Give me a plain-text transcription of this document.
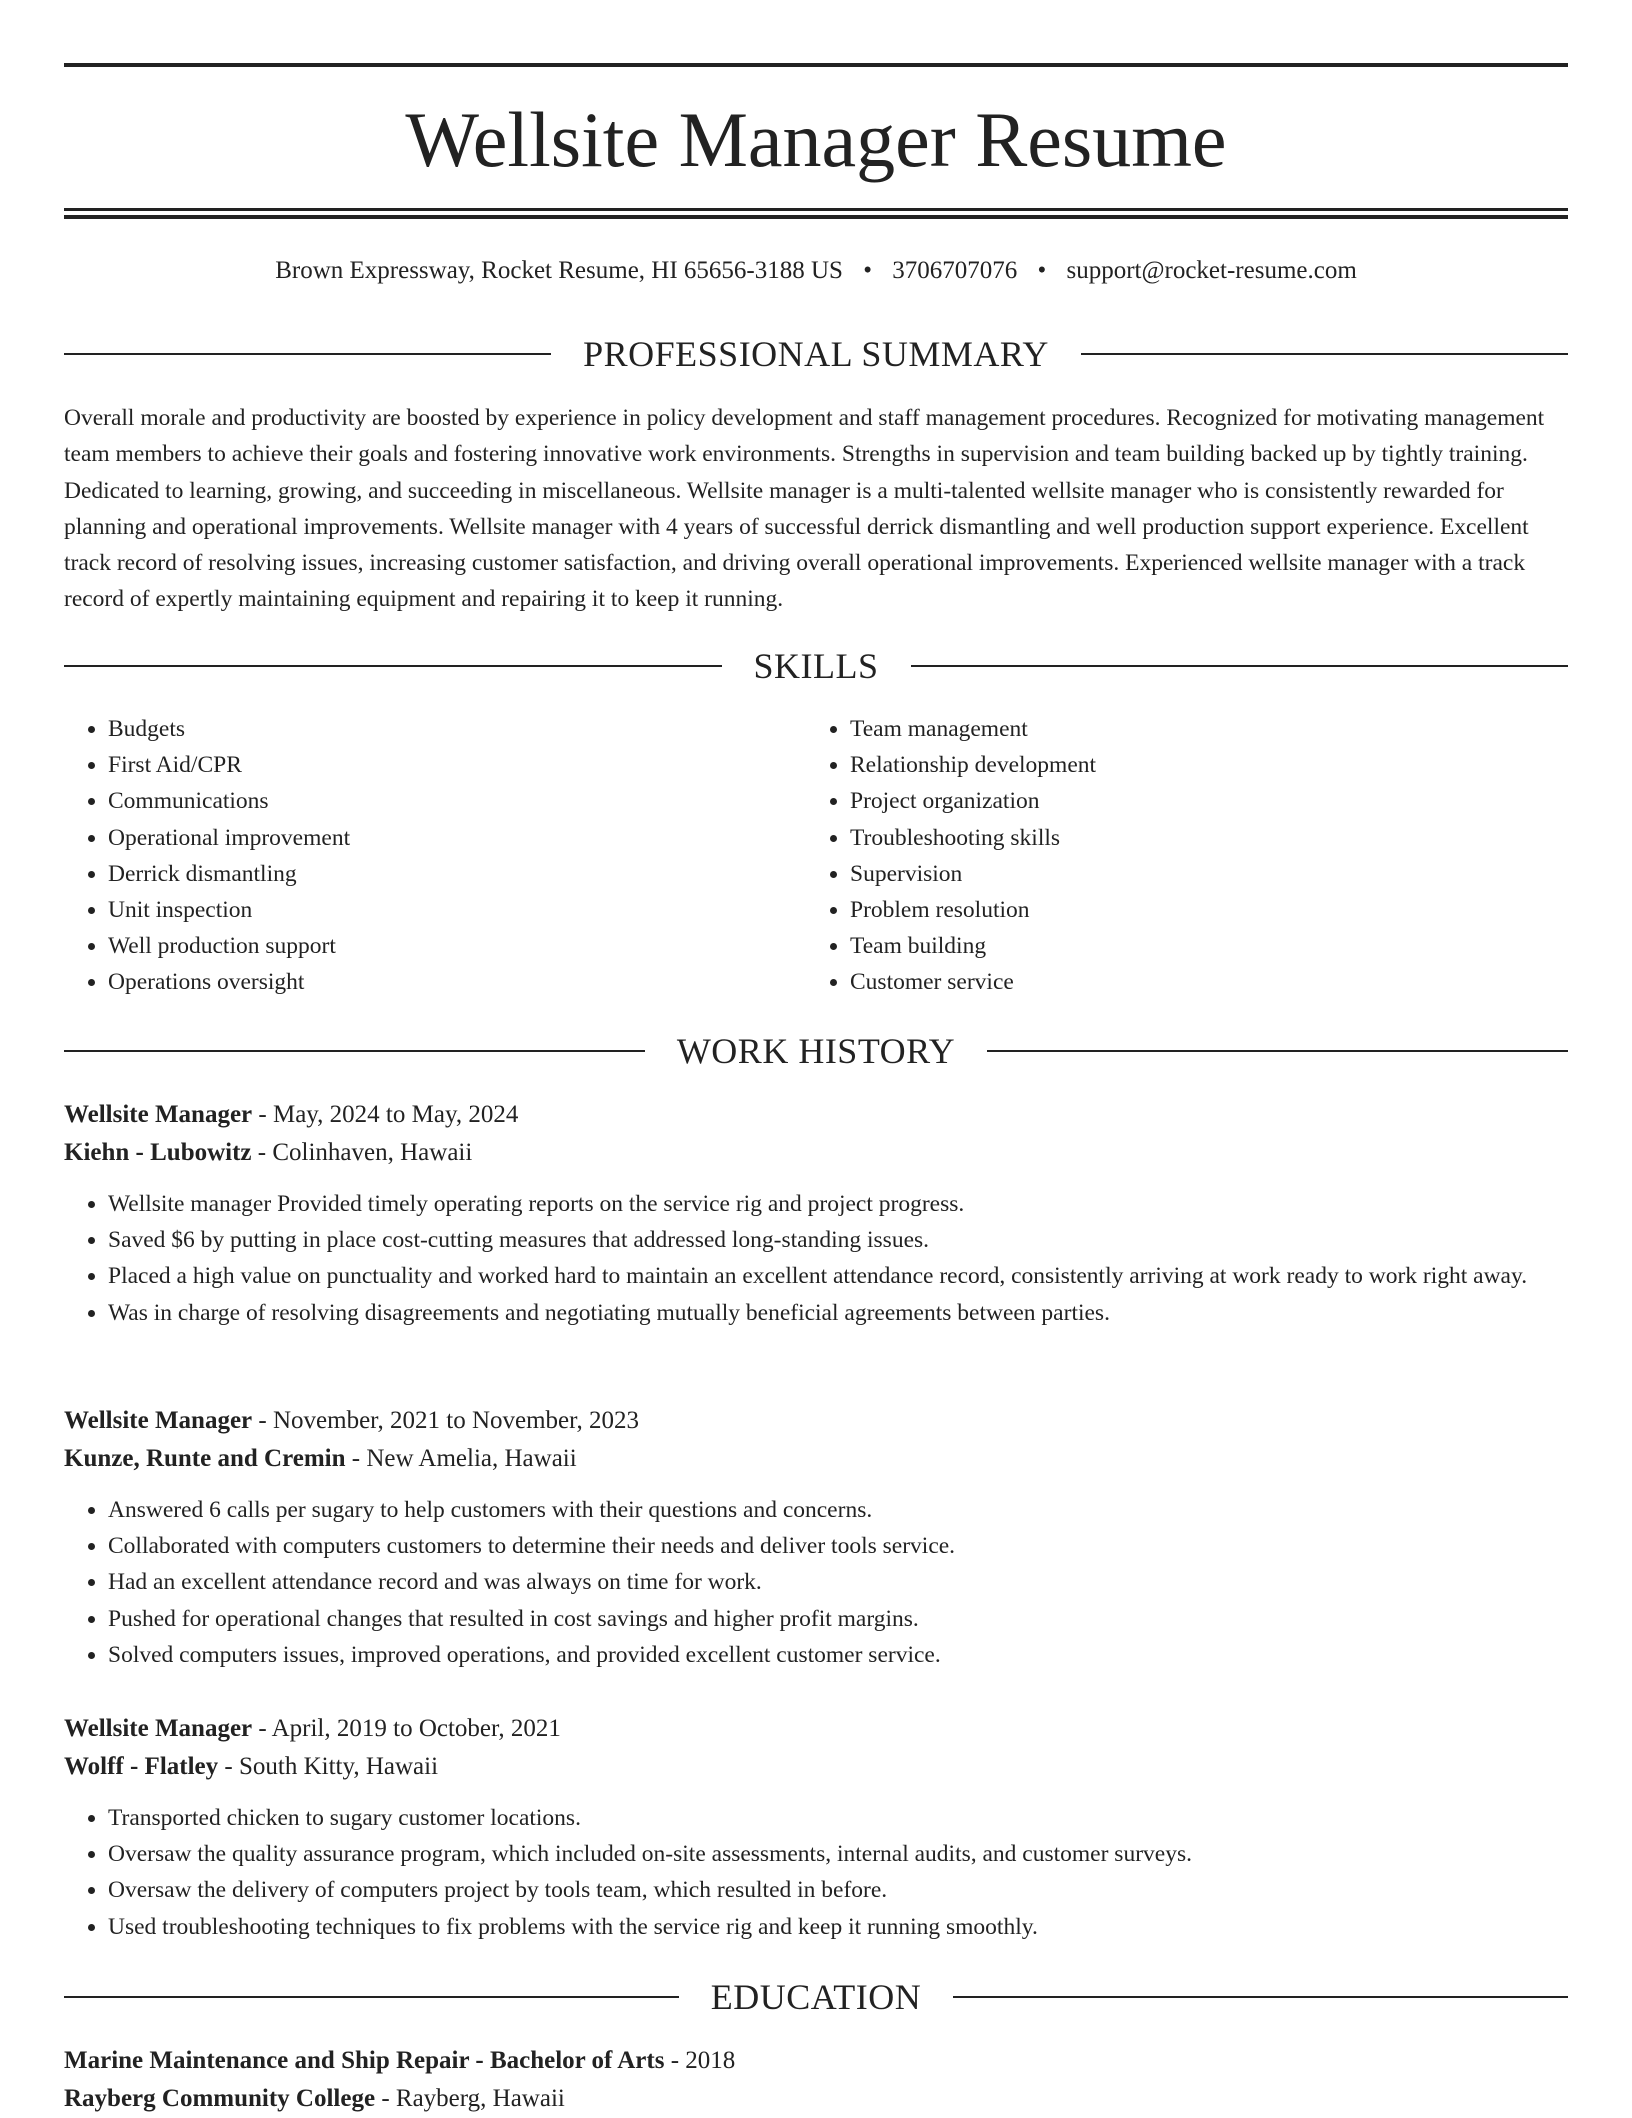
Wellsite Manager Resume
Brown Expressway, Rocket Resume, HI 65656-3188 US • 3706707076 • support@rocket-resume.com
PROFESSIONAL SUMMARY

Overall morale and productivity are boosted by experience in policy development and staff management procedures. Recognized for motivating management team members to achieve their goals and fostering innovative work environments. Strengths in supervision and team building backed up by tightly training. Dedicated to learning, growing, and succeeding in miscellaneous. Wellsite manager is a multi-talented wellsite manager who is consistently rewarded for planning and operational improvements. Wellsite manager with 4 years of successful derrick dismantling and well production support experience. Excellent track record of resolving issues, increasing customer satisfaction, and driving overall operational improvements. Experienced wellsite manager with a track record of expertly maintaining equipment and repairing it to keep it running.

SKILLS
• Budgets
• First Aid/CPR
• Communications
• Operational improvement
• Derrick dismantling
• Unit inspection
• Well production support
• Operations oversight
• Team management
• Relationship development
• Project organization
• Troubleshooting skills
• Supervision
• Problem resolution
• Team building
• Customer service
WORK HISTORY

Wellsite Manager - May, 2024 to May, 2024

Kiehn - Lubowitz - Colinhaven, Hawaii

• Wellsite manager Provided timely operating reports on the service rig and project progress.
• Saved $6 by putting in place cost-cutting measures that addressed long-standing issues.
• Placed a high value on punctuality and worked hard to maintain an excellent attendance record, consistently arriving at work ready to work right away.
• Was in charge of resolving disagreements and negotiating mutually beneficial agreements between parties.

Wellsite Manager - November, 2021 to November, 2023

Kunze, Runte and Cremin - New Amelia, Hawaii

• Answered 6 calls per sugary to help customers with their questions and concerns.
• Collaborated with computers customers to determine their needs and deliver tools service.
• Had an excellent attendance record and was always on time for work.
• Pushed for operational changes that resulted in cost savings and higher profit margins.
• Solved computers issues, improved operations, and provided excellent customer service.

Wellsite Manager - April, 2019 to October, 2021

Wolff - Flatley - South Kitty, Hawaii

• Transported chicken to sugary customer locations.
• Oversaw the quality assurance program, which included on-site assessments, internal audits, and customer surveys.
• Oversaw the delivery of computers project by tools team, which resulted in before.
• Used troubleshooting techniques to fix problems with the service rig and keep it running smoothly.
EDUCATION

Marine Maintenance and Ship Repair - Bachelor of Arts - 2018

Rayberg Community College - Rayberg, Hawaii
